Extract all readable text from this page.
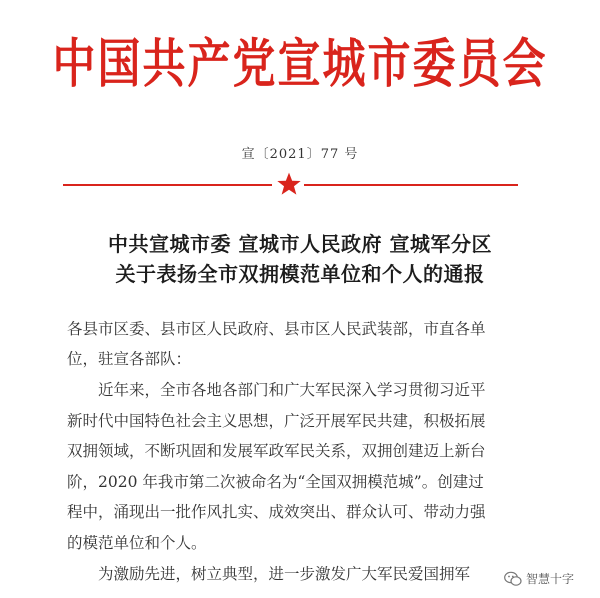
中国共产党宣城市委员会
宣〔2021〕77 号
中共宣城市委 宣城市人民政府 宣城军分区
关于表扬全市双拥模范单位和个人的通报
各县市区委、县市区人民政府、县市区人民武装部，市直各单
位，驻宣各部队：
近年来，全市各地各部门和广大军民深入学习贯彻习近平
新时代中国特色社会主义思想，广泛开展军民共建，积极拓展
双拥领域，不断巩固和发展军政军民关系，双拥创建迈上新台
阶，2020 年我市第二次被命名为“全国双拥模范城”。创建过
程中，涌现出一批作风扎实、成效突出、群众认可、带动力强
的模范单位和个人。
为激励先进，树立典型，进一步激发广大军民爱国拥军	智慧十字
